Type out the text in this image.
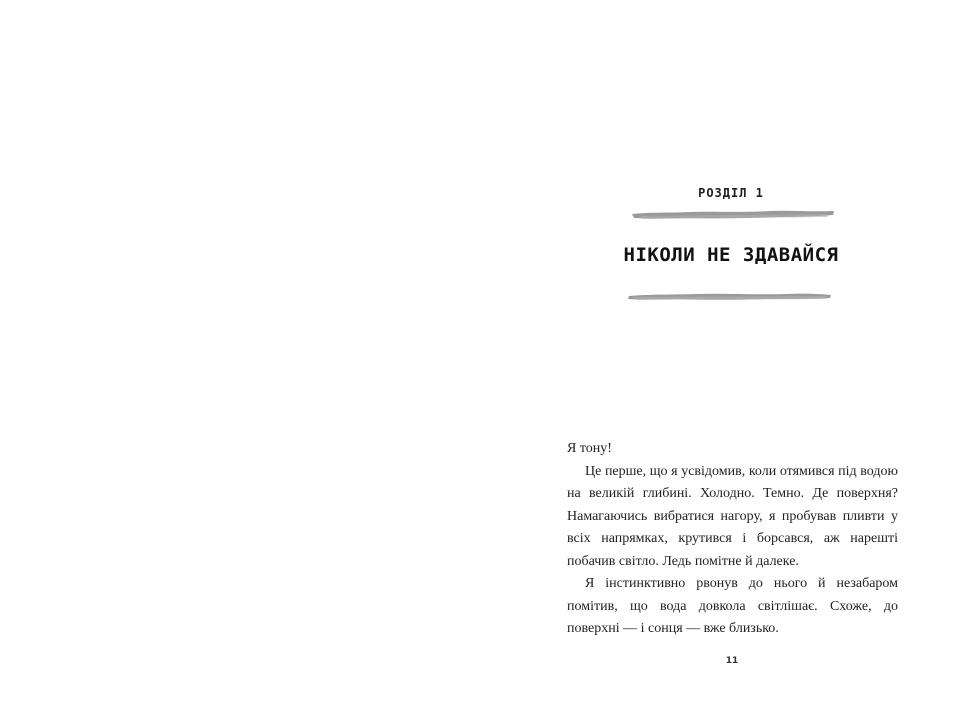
РОЗДІЛ 1
НІКОЛИ НЕ ЗДАВАЙСЯ

Я тону!

Це перше, що я усвідомив, коли отямився під водою на великій глибині. Холодно. Темно. Де поверхня? Намагаючись вибратися нагору, я пробував пливти у всіх напрямках, крутився і борсався, аж нарешті побачив світло. Ледь помітне й далеке.

Я інстинктивно рвонув до нього й незабаром помітив, що вода довкола світлішає. Схоже, до поверхні — і сонця — вже близько.

11
